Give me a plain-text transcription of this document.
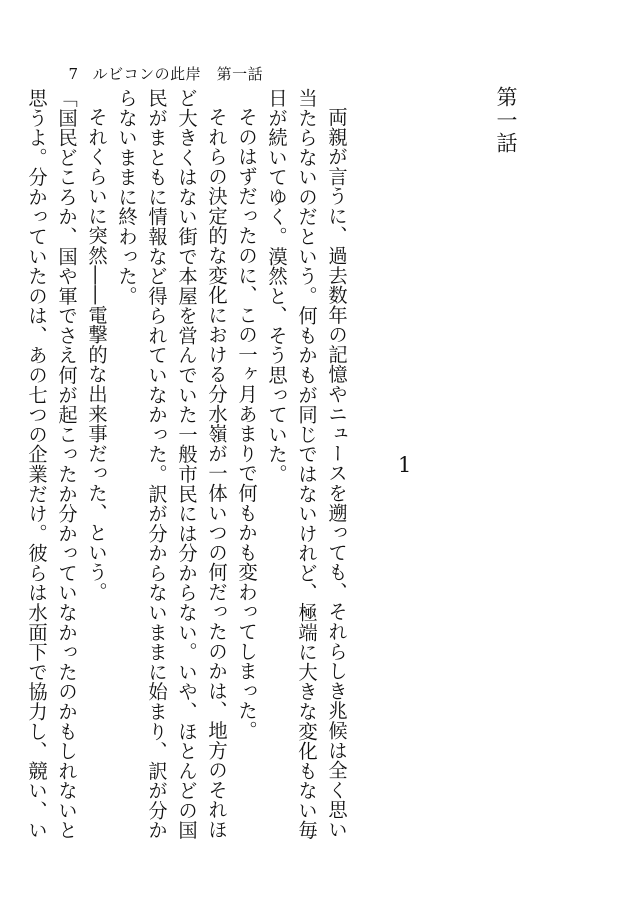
7 ルビコンの此岸　第一話

第一話
1
両親が言うに、過去数年の記憶やニュースを遡っても、それらしき兆候は全く思い
当たらないのだという。何もかもが同じではないけれど、極端に大きな変化もない毎
日が続いてゆく。漠然と、そう思っていた。
そのはずだったのに、この一ヶ月あまりで何もかも変わってしまった。
それらの決定的な変化における分水嶺が一体いつの何だったのかは、地方のそれほ
ど大きくはない街で本屋を営んでいた一般市民には分からない。いや、ほとんどの国
民がまともに情報など得られていなかった。訳が分からないままに始まり、訳が分か
らないままに終わった。
それくらいに突然――電撃的な出来事だった、という。
「国民どころか、国や軍でさえ何が起こったか分かっていなかったのかもしれないと
思うよ。分かっていたのは、あの七つの企業だけ。彼らは水面下で協力し、競い、い
